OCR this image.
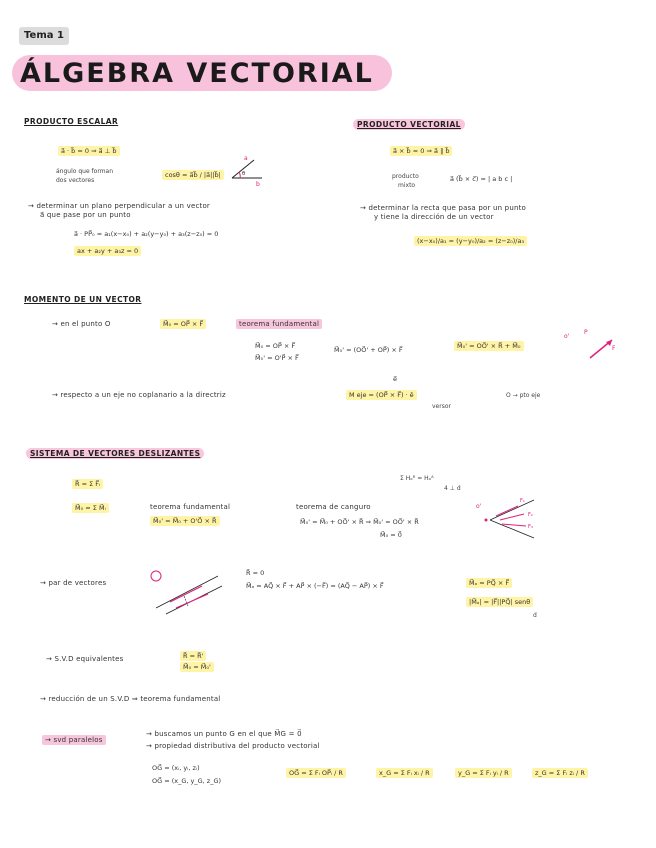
Tema 1
ÁLGEBRA VECTORIAL
PRODUCTO ESCALAR
a⃗ · b⃗ = 0 ⇒ a⃗ ⊥ b⃗
ángulo que forman
dos vectores
cosθ = a⃗b⃗ / |a⃗||b⃗|
a
b
θ
→ determinar un plano perpendicular a un vector
a⃗ que pase por un punto
a⃗ · PP⃗₀ = a₁(x−x₀) + a₂(y−y₀) + a₃(z−z₀) = 0
ax + a₂y + a₃z = 0
PRODUCTO VECTORIAL
a⃗ × b⃗ = 0 ⇒ a⃗ ∥ b⃗
producto
mixto
a⃗ (b⃗ × c⃗) = | a b c |
→ determinar la recta que pasa por un punto
y tiene la dirección de un vector
(x−x₀)/a₁ = (y−y₀)/a₂ = (z−z₀)/a₃
MOMENTO DE UN VECTOR
→ en el punto O	M⃗₀ = OP⃗ × F⃗	teorema fundamental
M⃗₀ = OP⃗ × F⃗
M⃗₀' = O'P⃗ × F⃗
M⃗₀' = (OO⃗' + OP⃗) × F⃗	M⃗₀' = OO⃗' × R⃗ + M⃗₀
o'
P
F
→ respecto a un eje no coplanario a la directriz
e⃗
M eje = (OP⃗ × F⃗) · ê
versor
O → pto eje
SISTEMA DE VECTORES DESLIZANTES
R⃗ = Σ F⃗ᵢ
M⃗₀ = Σ M⃗ᵢ	teorema fundamental
M⃗₀' = M⃗₀ + O'O⃗ × R⃗
teorema de canguro
M⃗₀' = M⃗₀ + OO⃗' × R⃗ ⇒ M⃗₀' = OO⃗' × R⃗
M⃗₀ = 0⃗
Σ Hₒᴿ = Hₒᴬ
4 ⊥ d
o'
F₁
F₂
F₃
→ par de vectores
R⃗ = 0
M⃗ₐ = AQ⃗ × F⃗ + AP⃗ × (−F⃗) = (AQ⃗ − AP⃗) × F⃗	M⃗ₐ = PQ⃗ × F⃗
|M⃗ₐ| = |F⃗||PQ⃗| senθ
d
→ S.V.D equivalentes	R⃗ = R⃗'
M⃗₀ = M⃗₀'
→ reducción de un S.V.D ⇒ teorema fundamental
→ svd paralelos
→ buscamos un punto G en el que M⃗G = 0⃗
→ propiedad distributiva del producto vectorial
OG⃗ = (xᵢ, yᵢ, zᵢ)
OG⃗ = (x_G, y_G, z_G)
OG⃗ = Σ Fᵢ OP⃗ᵢ / R	x_G = Σ Fᵢ xᵢ / R	y_G = Σ Fᵢ yᵢ / R	z_G = Σ Fᵢ zᵢ / R
